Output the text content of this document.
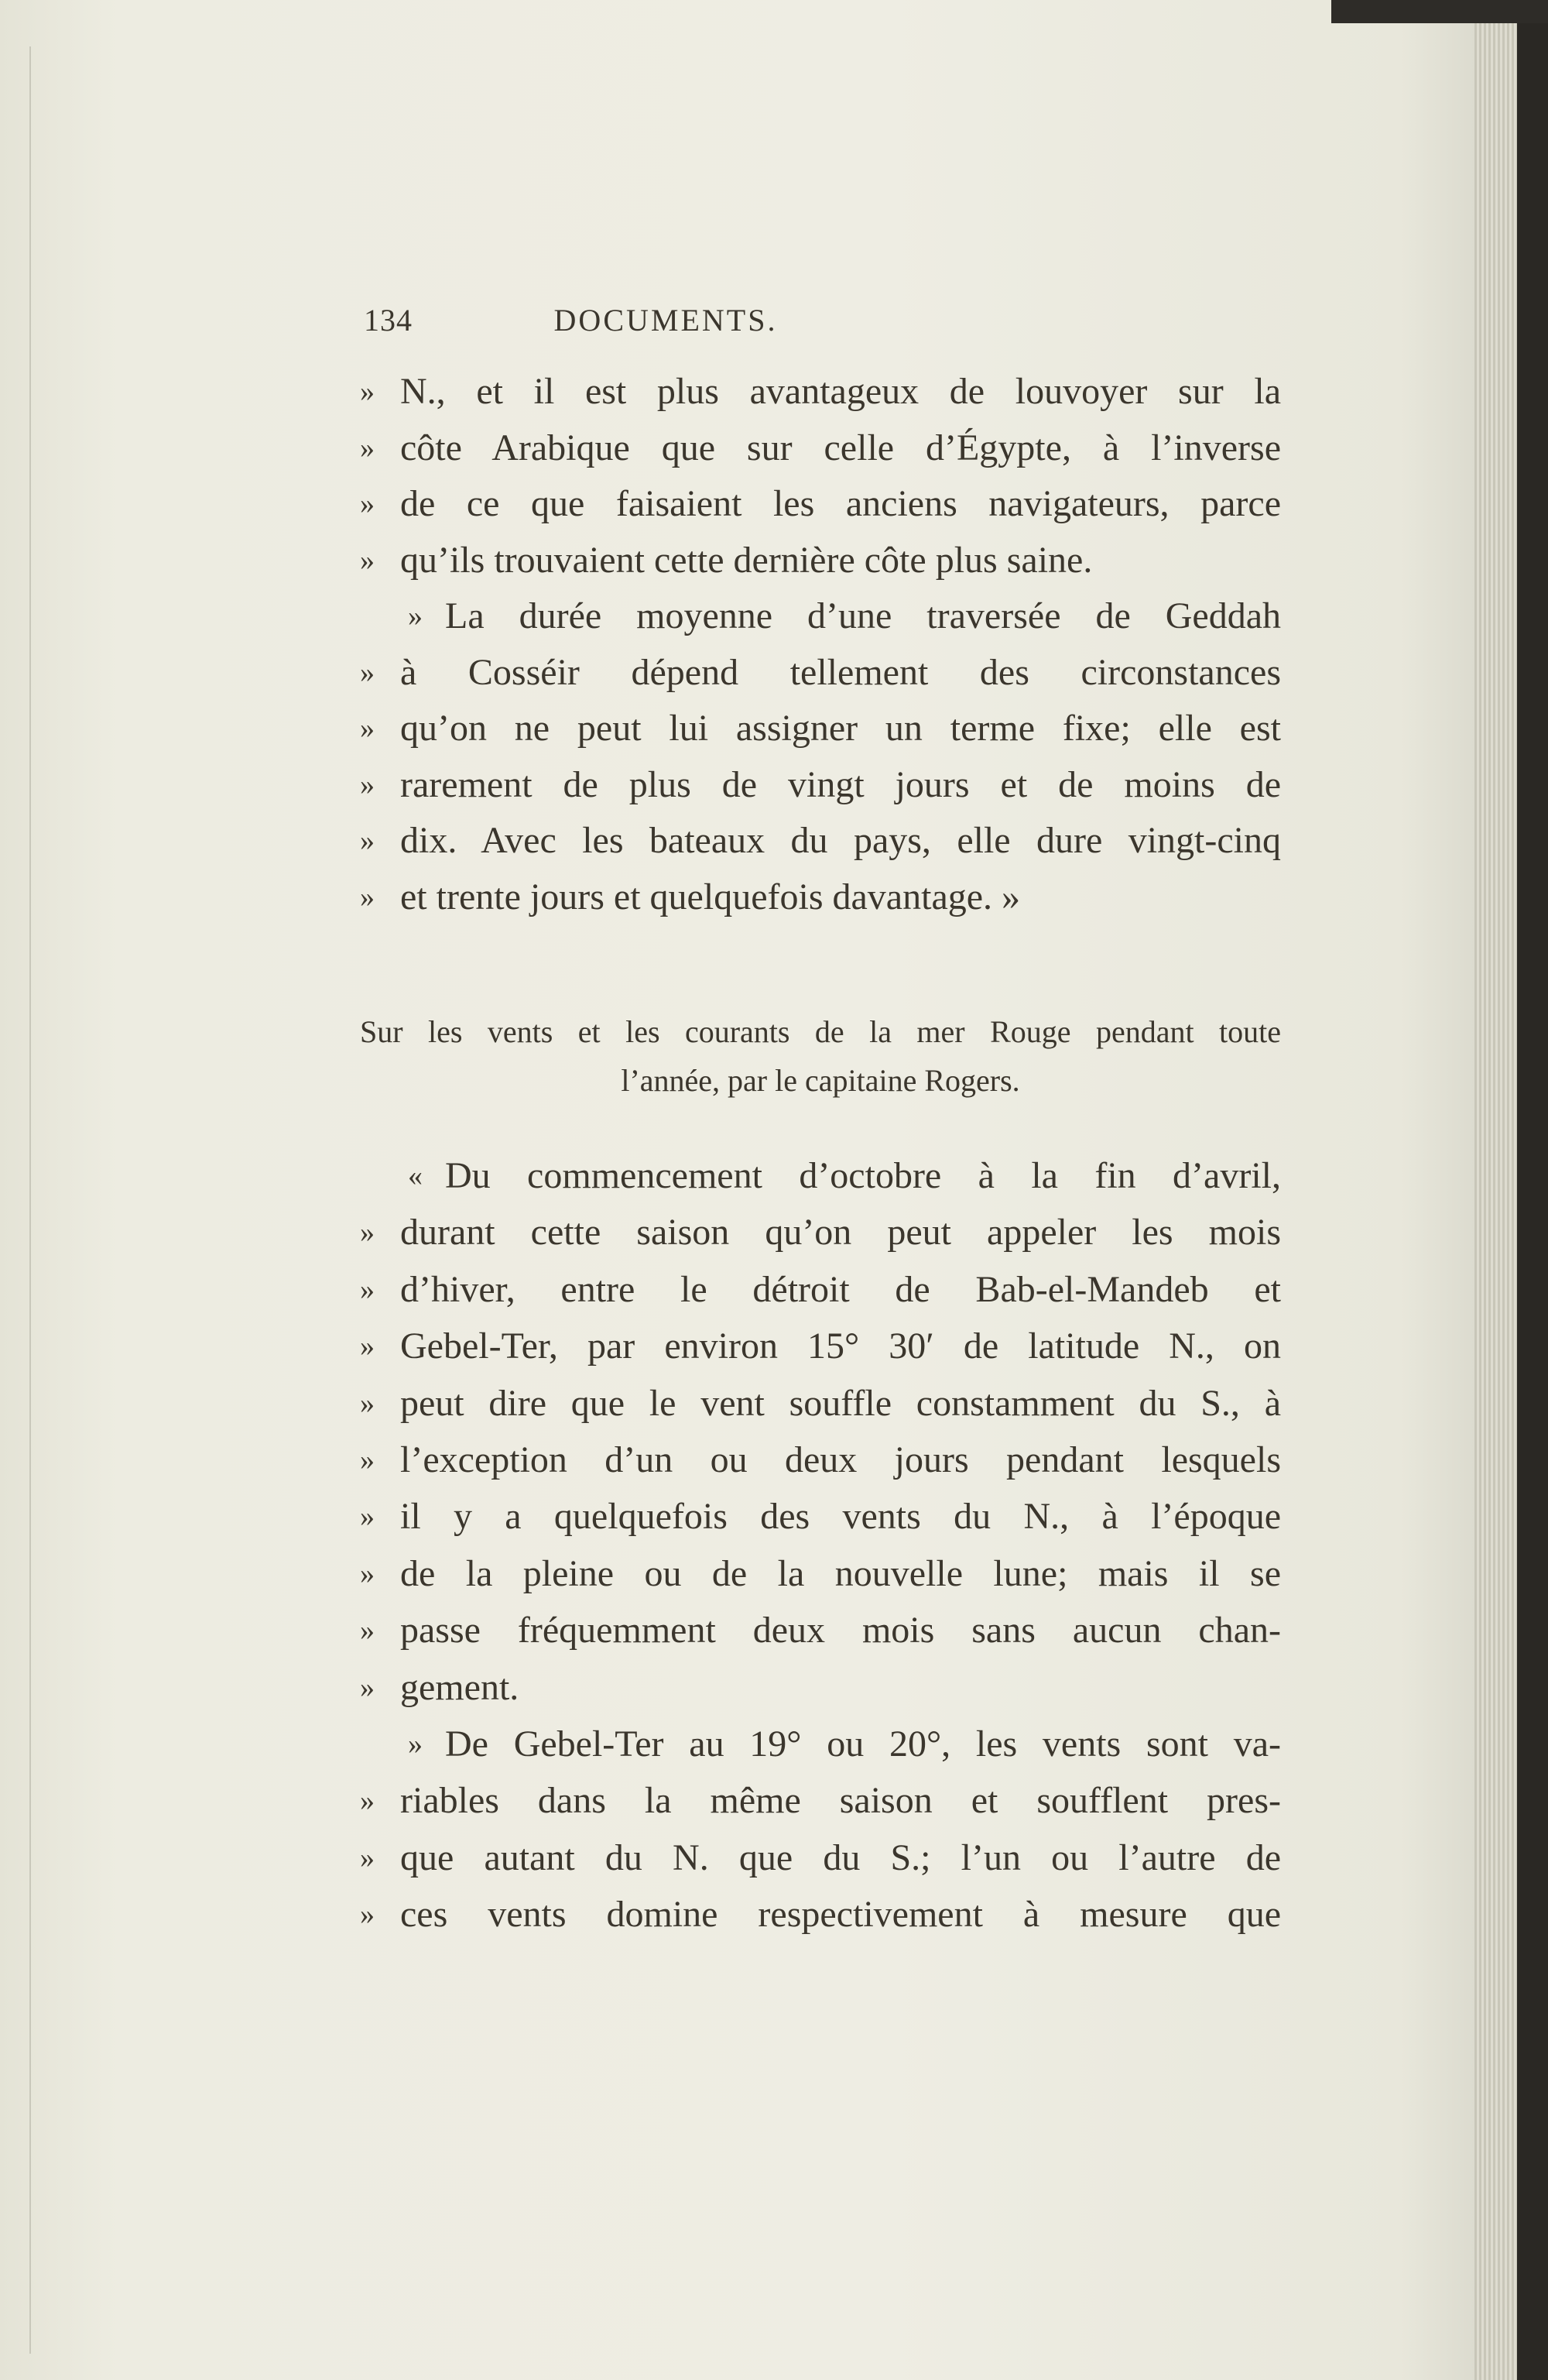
134	DOCUMENTS.
» N., et il est plus avantageux de louvoyer sur la
» côte Arabique que sur celle d’Égypte, à l’inverse
» de ce que faisaient les anciens navigateurs, parce
» qu’ils trouvaient cette dernière côte plus saine.
» La durée moyenne d’une traversée de Geddah
» à Cosséir dépend tellement des circonstances
» qu’on ne peut lui assigner un terme fixe; elle est
» rarement de plus de vingt jours et de moins de
» dix. Avec les bateaux du pays, elle dure vingt-cinq
» et trente jours et quelquefois davantage. »
Sur les vents et les courants de la mer Rouge pendant toute
l’année, par le capitaine Rogers.
« Du commencement d’octobre à la fin d’avril,
» durant cette saison qu’on peut appeler les mois
» d’hiver, entre le détroit de Bab-el-Mandeb et
» Gebel-Ter, par environ 15° 30′ de latitude N., on
» peut dire que le vent souffle constamment du S., à
» l’exception d’un ou deux jours pendant lesquels
» il y a quelquefois des vents du N., à l’époque
» de la pleine ou de la nouvelle lune; mais il se
» passe fréquemment deux mois sans aucun chan-
» gement.
» De Gebel-Ter au 19° ou 20°, les vents sont va-
» riables dans la même saison et soufflent pres-
» que autant du N. que du S.; l’un ou l’autre de
» ces vents domine respectivement à mesure que
